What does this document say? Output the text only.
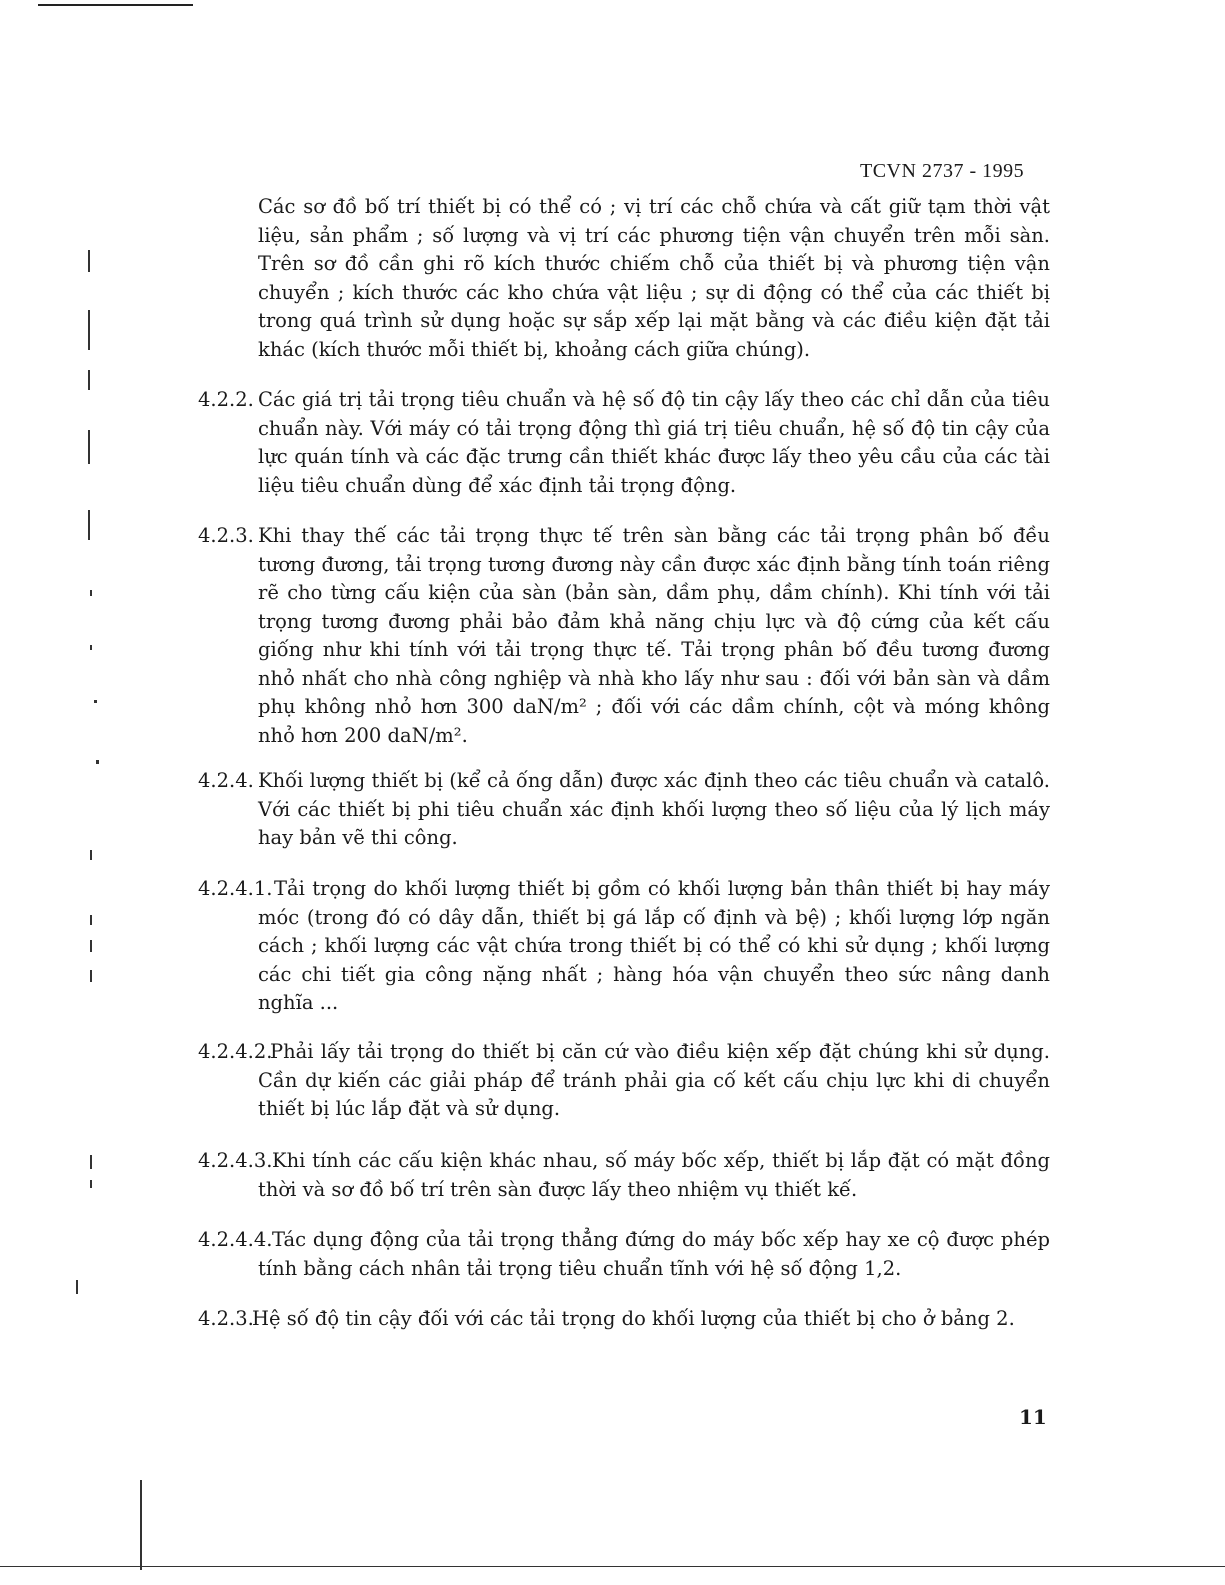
TCVN 2737 - 1995
Các sơ đồ bố trí thiết bị có thể có ; vị trí các chỗ chứa và cất giữ tạm thời vật liệu, sản phẩm ; số lượng và vị trí các phương tiện vận chuyển trên mỗi sàn. Trên sơ đồ cần ghi rõ kích thước chiếm chỗ của thiết bị và phương tiện vận chuyển ; kích thước các kho chứa vật liệu ; sự di động có thể của các thiết bị trong quá trình sử dụng hoặc sự sắp xếp lại mặt bằng và các điều kiện đặt tải khác (kích thước mỗi thiết bị, khoảng cách giữa chúng).
4.2.2. Các giá trị tải trọng tiêu chuẩn và hệ số độ tin cậy lấy theo các chỉ dẫn của tiêu chuẩn này. Với máy có tải trọng động thì giá trị tiêu chuẩn, hệ số độ tin cậy của lực quán tính và các đặc trưng cần thiết khác được lấy theo yêu cầu của các tài liệu tiêu chuẩn dùng để xác định tải trọng động.
4.2.3. Khi thay thế các tải trọng thực tế trên sàn bằng các tải trọng phân bố đều tương đương, tải trọng tương đương này cần được xác định bằng tính toán riêng rẽ cho từng cấu kiện của sàn (bản sàn, dầm phụ, dầm chính). Khi tính với tải trọng tương đương phải bảo đảm khả năng chịu lực và độ cứng của kết cấu giống như khi tính với tải trọng thực tế. Tải trọng phân bố đều tương đương nhỏ nhất cho nhà công nghiệp và nhà kho lấy như sau : đối với bản sàn và dầm phụ không nhỏ hơn 300 daN/m² ; đối với các dầm chính, cột và móng không nhỏ hơn 200 daN/m².
4.2.4. Khối lượng thiết bị (kể cả ống dẫn) được xác định theo các tiêu chuẩn và catalô. Với các thiết bị phi tiêu chuẩn xác định khối lượng theo số liệu của lý lịch máy hay bản vẽ thi công.
4.2.4.1. Tải trọng do khối lượng thiết bị gồm có khối lượng bản thân thiết bị hay máy móc (trong đó có dây dẫn, thiết bị gá lắp cố định và bệ) ; khối lượng lớp ngăn cách ; khối lượng các vật chứa trong thiết bị có thể có khi sử dụng ; khối lượng các chi tiết gia công nặng nhất ; hàng hóa vận chuyển theo sức nâng danh nghĩa ...
4.2.4.2.
Phải lấy tải trọng do thiết bị căn cứ vào điều kiện xếp đặt chúng khi sử dụng. Cần dự kiến các giải pháp để tránh phải gia cố kết cấu chịu lực khi di chuyển thiết bị lúc lắp đặt và sử dụng.
4.2.4.3. Khi tính các cấu kiện khác nhau, số máy bốc xếp, thiết bị lắp đặt có mặt đồng thời và sơ đồ bố trí trên sàn được lấy theo nhiệm vụ thiết kế.
4.2.4.4. Tác dụng động của tải trọng thẳng đứng do máy bốc xếp hay xe cộ được phép tính bằng cách nhân tải trọng tiêu chuẩn tĩnh với hệ số động 1,2.
4.2.3.
Hệ số độ tin cậy đối với các tải trọng do khối lượng của thiết bị cho ở bảng 2.
11
